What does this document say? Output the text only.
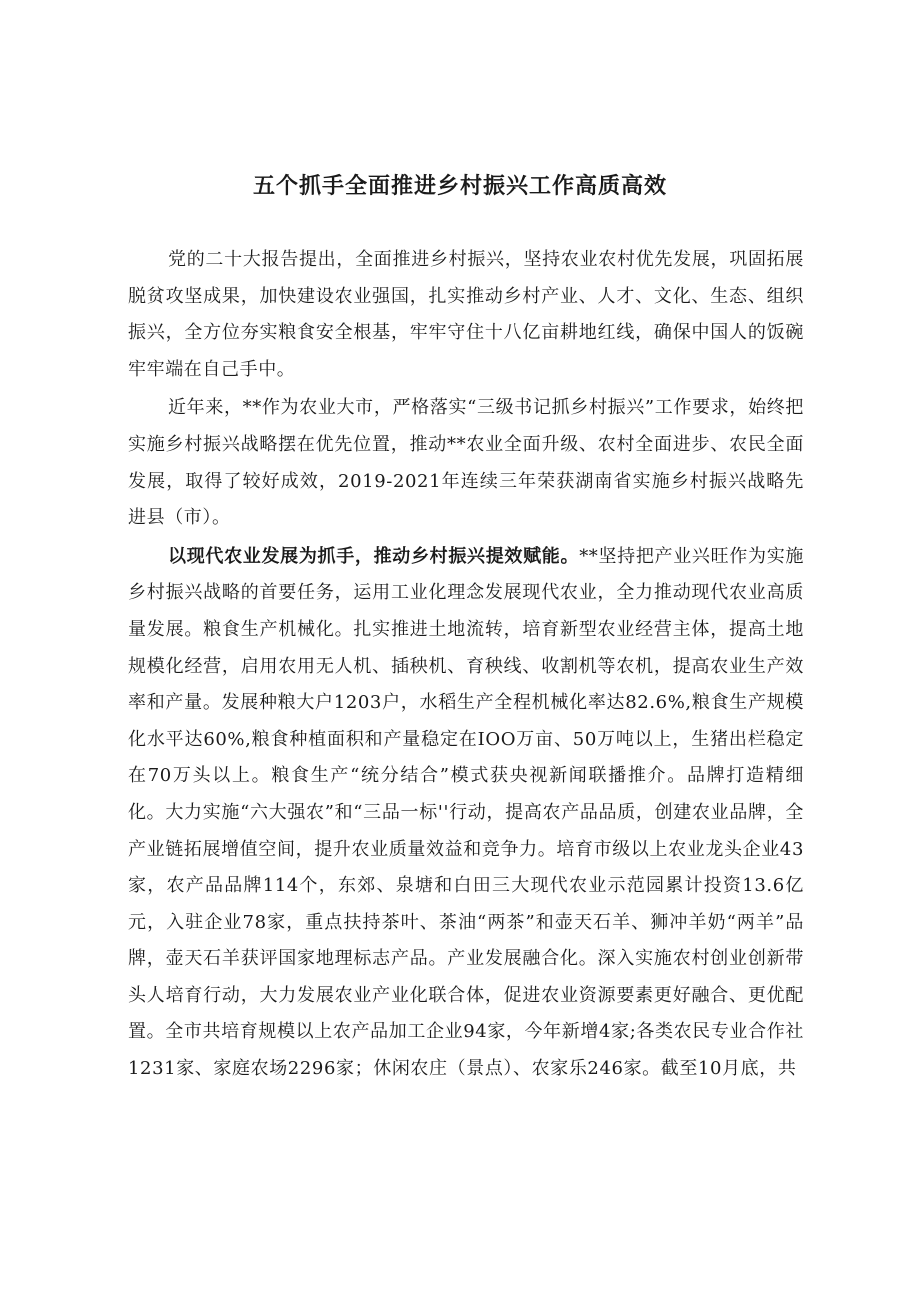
五个抓手全面推进乡村振兴工作高质高效

党的二十大报告提出，全面推进乡村振兴，坚持农业农村优先发展，巩固拓展脱贫攻坚成果，加快建设农业强国，扎实推动乡村产业、人才、文化、生态、组织振兴，全方位夯实粮食安全根基，牢牢守住十八亿亩耕地红线，确保中国人的饭碗牢牢端在自己手中。

近年来，**作为农业大市，严格落实“三级书记抓乡村振兴”工作要求，始终把实施乡村振兴战略摆在优先位置，推动**农业全面升级、农村全面进步、农民全面发展，取得了较好成效，2019-2021年连续三年荣获湖南省实施乡村振兴战略先进县（市）。

以现代农业发展为抓手，推动乡村振兴提效赋能。**坚持把产业兴旺作为实施乡村振兴战略的首要任务，运用工业化理念发展现代农业，全力推动现代农业高质量发展。粮食生产机械化。扎实推进土地流转，培育新型农业经营主体，提高土地规模化经营，启用农用无人机、插秧机、育秧线、收割机等农机，提高农业生产效率和产量。发展种粮大户1203户，水稻生产全程机械化率达82.6%,粮食生产规模化水平达60%,粮食种植面积和产量稳定在IOO万亩、50万吨以上，生猪出栏稳定在70万头以上。粮食生产“统分结合”模式获央视新闻联播推介。品牌打造精细化。大力实施“六大强农”和“三品一标''行动，提高农产品品质，创建农业品牌，全产业链拓展增值空间，提升农业质量效益和竞争力。培育市级以上农业龙头企业43家，农产品品牌114个，东郊、泉塘和白田三大现代农业示范园累计投资13.6亿元，入驻企业78家，重点扶持茶叶、茶油“两茶”和壶天石羊、狮冲羊奶“两羊”品牌，壶天石羊获评国家地理标志产品。产业发展融合化。深入实施农村创业创新带头人培育行动，大力发展农业产业化联合体，促进农业资源要素更好融合、更优配置。全市共培育规模以上农产品加工企业94家，今年新增4家;各类农民专业合作社1231家、家庭农场2296家；休闲农庄（景点）、农家乐246家。截至10月底，共
